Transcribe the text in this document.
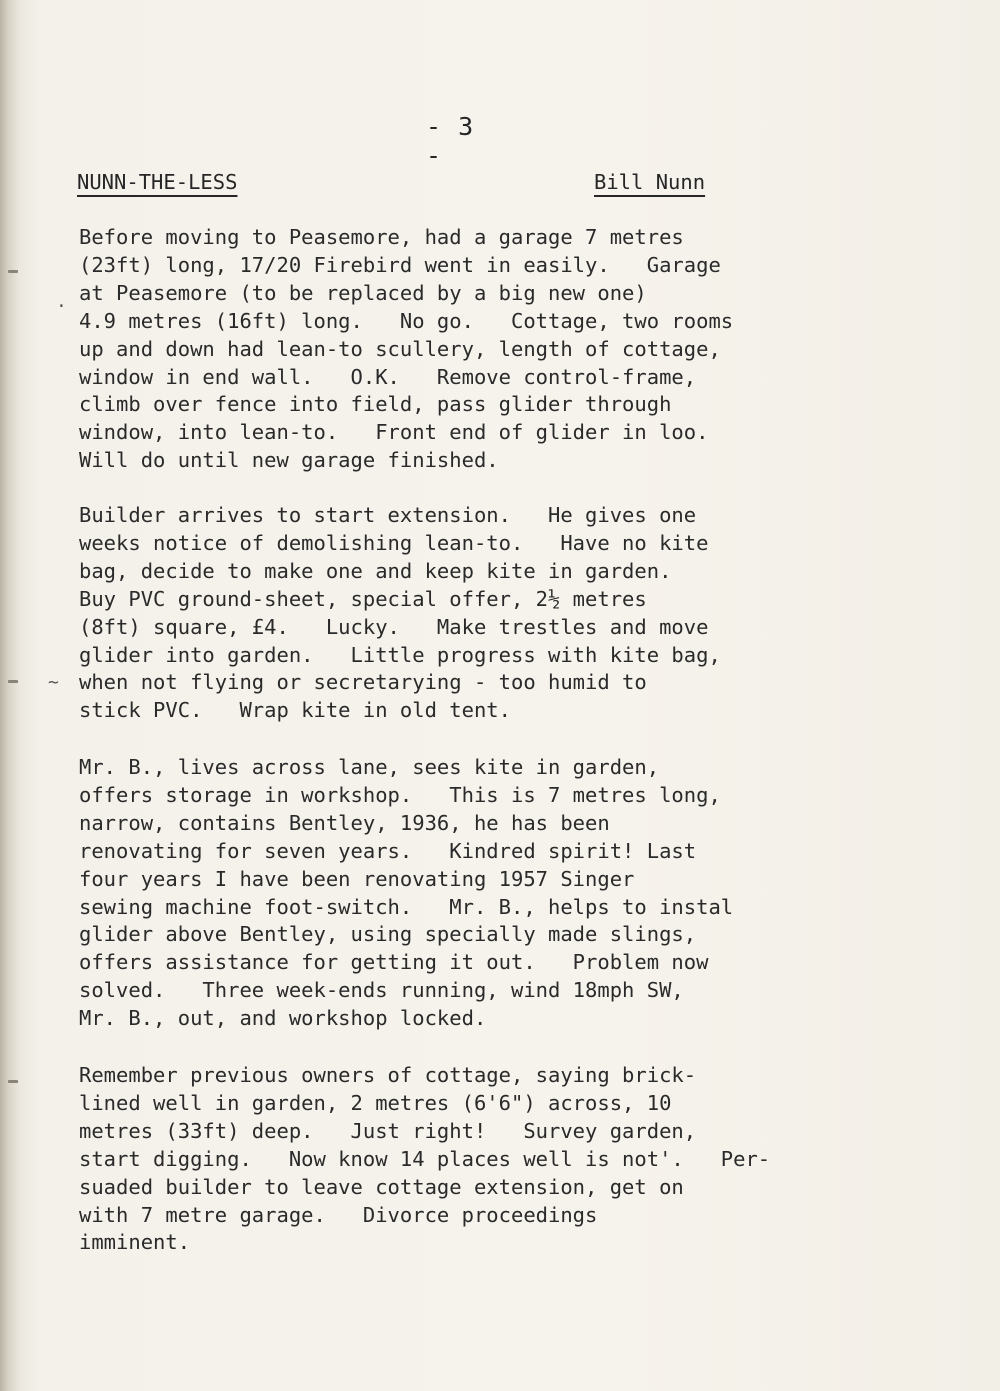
·
~
- 3 -
NUNN-THE-LESS	Bill Nunn

Before moving to Peasemore, had a garage 7 metres
(23ft) long, 17/20 Firebird went in easily.   Garage
at Peasemore (to be replaced by a big new one)
4.9 metres (16ft) long.   No go.   Cottage, two rooms
up and down had lean-to scullery, length of cottage,
window in end wall.   O.K.   Remove control-frame,
climb over fence into field, pass glider through
window, into lean-to.   Front end of glider in loo.
Will do until new garage finished.

Builder arrives to start extension.   He gives one
weeks notice of demolishing lean-to.   Have no kite
bag, decide to make one and keep kite in garden.
Buy PVC ground-sheet, special offer, 2½ metres
(8ft) square, £4.   Lucky.   Make trestles and move
glider into garden.   Little progress with kite bag,
when not flying or secretarying - too humid to
stick PVC.   Wrap kite in old tent.

Mr. B., lives across lane, sees kite in garden,
offers storage in workshop.   This is 7 metres long,
narrow, contains Bentley, 1936, he has been
renovating for seven years.   Kindred spirit! Last
four years I have been renovating 1957 Singer
sewing machine foot-switch.   Mr. B., helps to instal
glider above Bentley, using specially made slings,
offers assistance for getting it out.   Problem now
solved.   Three week-ends running, wind 18mph SW,
Mr. B., out, and workshop locked.

Remember previous owners of cottage, saying brick-
lined well in garden, 2 metres (6'6") across, 10
metres (33ft) deep.   Just right!   Survey garden,
start digging.   Now know 14 places well is not'.   Per-
suaded builder to leave cottage extension, get on
with 7 metre garage.   Divorce proceedings
imminent.
